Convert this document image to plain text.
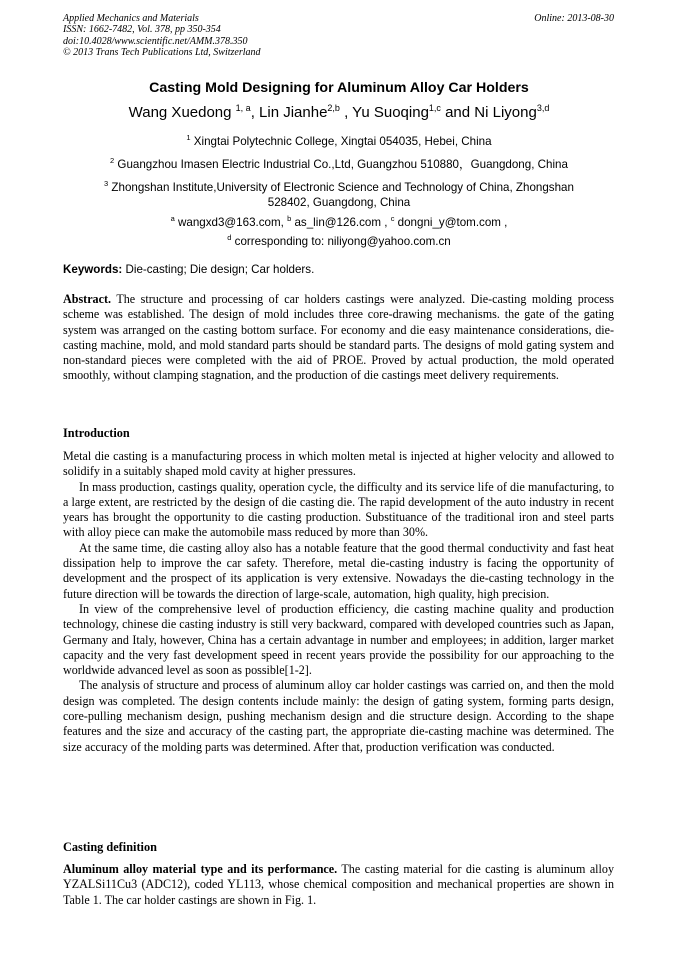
Applied Mechanics and Materials
ISSN: 1662-7482, Vol. 378, pp 350-354
doi:10.4028/www.scientific.net/AMM.378.350
© 2013 Trans Tech Publications Ltd, Switzerland
Online: 2013-08-30
Casting Mold Designing for Aluminum Alloy Car Holders
Wang Xuedong $^{1, a}$, Lin Jianhe$^{2,b}$ , Yu Suoqing$^{1,c}$ and Ni Liyong$^{3,d}$
$^1$ Xingtai Polytechnic College, Xingtai 054035, Hebei, China
$^2$ Guangzhou Imasen Electric Industrial Co.,Ltd, Guangzhou 510880，Guangdong, China
$^3$ Zhongshan Institute,University of Electronic Science and Technology of China, Zhongshan
528402, Guangdong, China
$^a$ wangxd3@163.com, $^b$ as_lin@126.com , $^c$ dongni_y@tom.com ,
$^d$ corresponding to: niliyong@yahoo.com.cn
Keywords: Die-casting; Die design; Car holders.

Abstract. The structure and processing of car holders castings were analyzed. Die-casting molding process scheme was established. The design of mold includes three core-drawing mechanisms. the gate of the gating system was arranged on the casting bottom surface. For economy and die easy maintenance considerations, die-casting machine, mold, and mold standard parts should be standard parts. The designs of mold gating system and non-standard pieces were completed with the aid of PROE. Proved by actual production, the mold operated smoothly, without clamping stagnation, and the production of die castings meet delivery requirements.

Introduction

Metal die casting is a manufacturing process in which molten metal is injected at higher velocity and allowed to solidify in a suitably shaped mold cavity at higher pressures.

In mass production, castings quality, operation cycle, the difficulty and its service life of die manufacturing, to a large extent, are restricted by the design of die casting die. The rapid development of the auto industry in recent years has brought the opportunity to die casting production. Substituance of the traditional iron and steel parts with alloy piece can make the automobile mass reduced by more than 30%.

At the same time, die casting alloy also has a notable feature that the good thermal conductivity and fast heat dissipation help to improve the car safety. Therefore, metal die-casting industry is facing the opportunity of development and the prospect of its application is very extensive. Nowadays the die-casting technology in the future direction will be towards the direction of large-scale, automation, high quality, high precision.

In view of the comprehensive level of production efficiency, die casting machine quality and production technology, chinese die casting industry is still very backward, compared with developed countries such as Japan, Germany and Italy, however, China has a certain advantage in number and employees; in addition, larger market capacity and the very fast development speed in recent years provide the possibility for our approaching to the worldwide advanced level as soon as possible[1-2].

The analysis of structure and process of aluminum alloy car holder castings was carried on, and then the mold design was completed. The design contents include mainly: the design of gating system, forming parts design, core-pulling mechanism design, pushing mechanism design and die structure design. According to the shape features and the size and accuracy of the casting part, the appropriate die-casting machine was determined. The size accuracy of the molding parts was determined. After that, production verification was conducted.

Casting definition

Aluminum alloy material type and its performance. The casting material for die casting is aluminum alloy YZALSi11Cu3 (ADC12), coded YL113, whose chemical composition and mechanical properties are shown in Table 1. The car holder castings are shown in Fig. 1.
